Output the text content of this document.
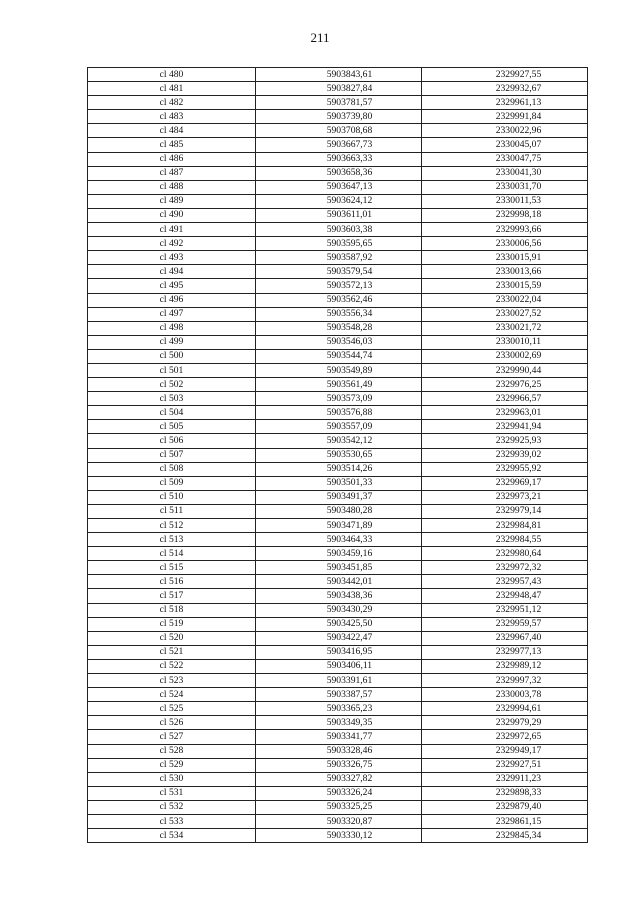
211
cl 480	5903843,61	2329927,55
cl 481	5903827,84	2329932,67
cl 482	5903781,57	2329961,13
cl 483	5903739,80	2329991,84
cl 484	5903708,68	2330022,96
cl 485	5903667,73	2330045,07
cl 486	5903663,33	2330047,75
cl 487	5903658,36	2330041,30
cl 488	5903647,13	2330031,70
cl 489	5903624,12	2330011,53
cl 490	5903611,01	2329998,18
cl 491	5903603,38	2329993,66
cl 492	5903595,65	2330006,56
cl 493	5903587,92	2330015,91
cl 494	5903579,54	2330013,66
cl 495	5903572,13	2330015,59
cl 496	5903562,46	2330022,04
cl 497	5903556,34	2330027,52
cl 498	5903548,28	2330021,72
cl 499	5903546,03	2330010,11
cl 500	5903544,74	2330002,69
cl 501	5903549,89	2329990,44
cl 502	5903561,49	2329976,25
cl 503	5903573,09	2329966,57
cl 504	5903576,88	2329963,01
cl 505	5903557,09	2329941,94
cl 506	5903542,12	2329925,93
cl 507	5903530,65	2329939,02
cl 508	5903514,26	2329955,92
cl 509	5903501,33	2329969,17
cl 510	5903491,37	2329973,21
cl 511	5903480,28	2329979,14
cl 512	5903471,89	2329984,81
cl 513	5903464,33	2329984,55
cl 514	5903459,16	2329980,64
cl 515	5903451,85	2329972,32
cl 516	5903442,01	2329957,43
cl 517	5903438,36	2329948,47
cl 518	5903430,29	2329951,12
cl 519	5903425,50	2329959,57
cl 520	5903422,47	2329967,40
cl 521	5903416,95	2329977,13
cl 522	5903406,11	2329989,12
cl 523	5903391,61	2329997,32
cl 524	5903387,57	2330003,78
cl 525	5903365,23	2329994,61
cl 526	5903349,35	2329979,29
cl 527	5903341,77	2329972,65
cl 528	5903328,46	2329949,17
cl 529	5903326,75	2329927,51
cl 530	5903327,82	2329911,23
cl 531	5903326,24	2329898,33
cl 532	5903325,25	2329879,40
cl 533	5903320,87	2329861,15
cl 534	5903330,12	2329845,34
